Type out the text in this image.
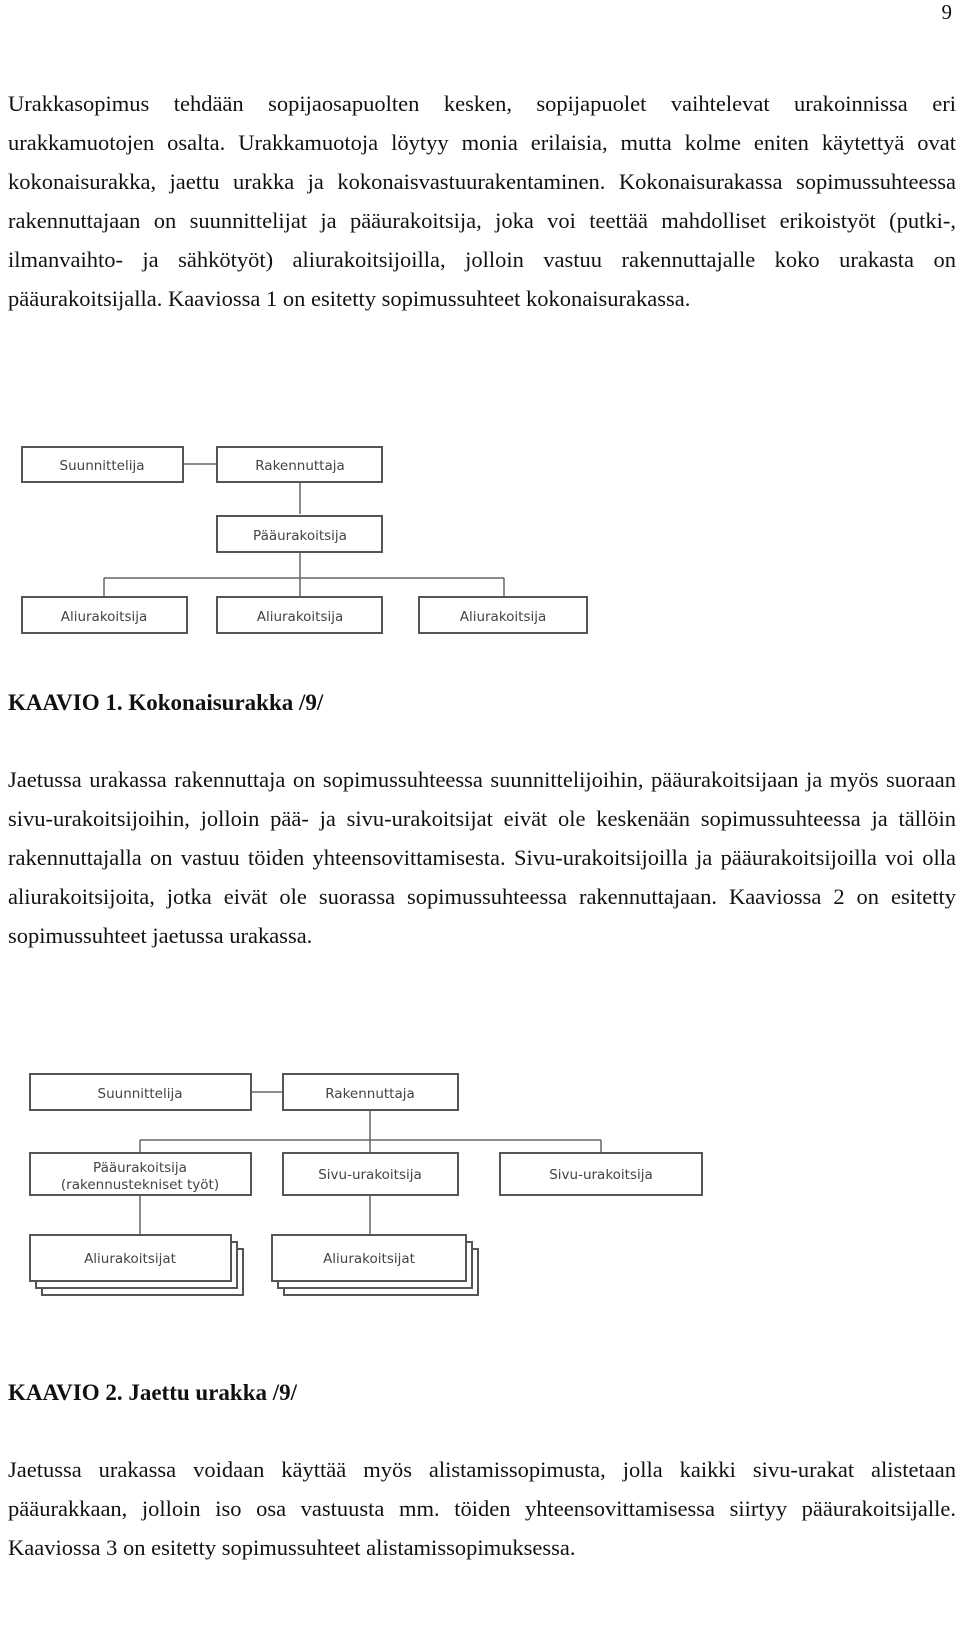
9

Urakkasopimus tehdään sopijaosapuolten kesken, sopijapuolet vaihtelevat urakoinnissa eri urakkamuotojen osalta. Urakkamuotoja löytyy monia erilaisia, mutta kolme eniten käytettyä ovat kokonaisurakka, jaettu urakka ja kokonaisvastuurakentaminen. Kokonaisurakassa sopimussuhteessa rakennuttajaan on suunnittelijat ja pääurakoitsija, joka voi teettää mahdolliset erikoistyöt (putki-, ilmanvaihto- ja sähkötyöt) aliurakoitsijoilla, jolloin vastuu rakennuttajalle koko urakasta on pääurakoitsijalla. Kaaviossa 1 on esitetty sopimussuhteet kokonaisurakassa.

Suunnittelija	Rakennuttaja
Pääurakoitsija
Aliurakoitsija	Aliurakoitsija	Aliurakoitsija

KAAVIO 1. Kokonaisurakka /9/

Jaetussa urakassa rakennuttaja on sopimussuhteessa suunnittelijoihin, pääurakoitsijaan ja myös suoraan sivu-urakoitsijoihin, jolloin pää- ja sivu-urakoitsijat eivät ole keskenään sopimussuhteessa ja tällöin rakennuttajalla on vastuu töiden yhteensovittamisesta. Sivu-urakoitsijoilla ja pääurakoitsijoilla voi olla aliurakoitsijoita, jotka eivät ole suorassa sopimussuhteessa rakennuttajaan. Kaaviossa 2 on esitetty sopimussuhteet jaetussa urakassa.

Suunnittelija	Rakennuttaja
Pääurakoitsija
(rakennustekniset työt)
Sivu-urakoitsija	Sivu-urakoitsija
Aliurakoitsijat	Aliurakoitsijat

KAAVIO 2. Jaettu urakka /9/

Jaetussa urakassa voidaan käyttää myös alistamissopimusta, jolla kaikki sivu-urakat alistetaan pääurakkaan, jolloin iso osa vastuusta mm. töiden yhteensovittamisessa siirtyy pääurakoitsijalle. Kaaviossa 3 on esitetty sopimussuhteet alistamissopimuksessa.
